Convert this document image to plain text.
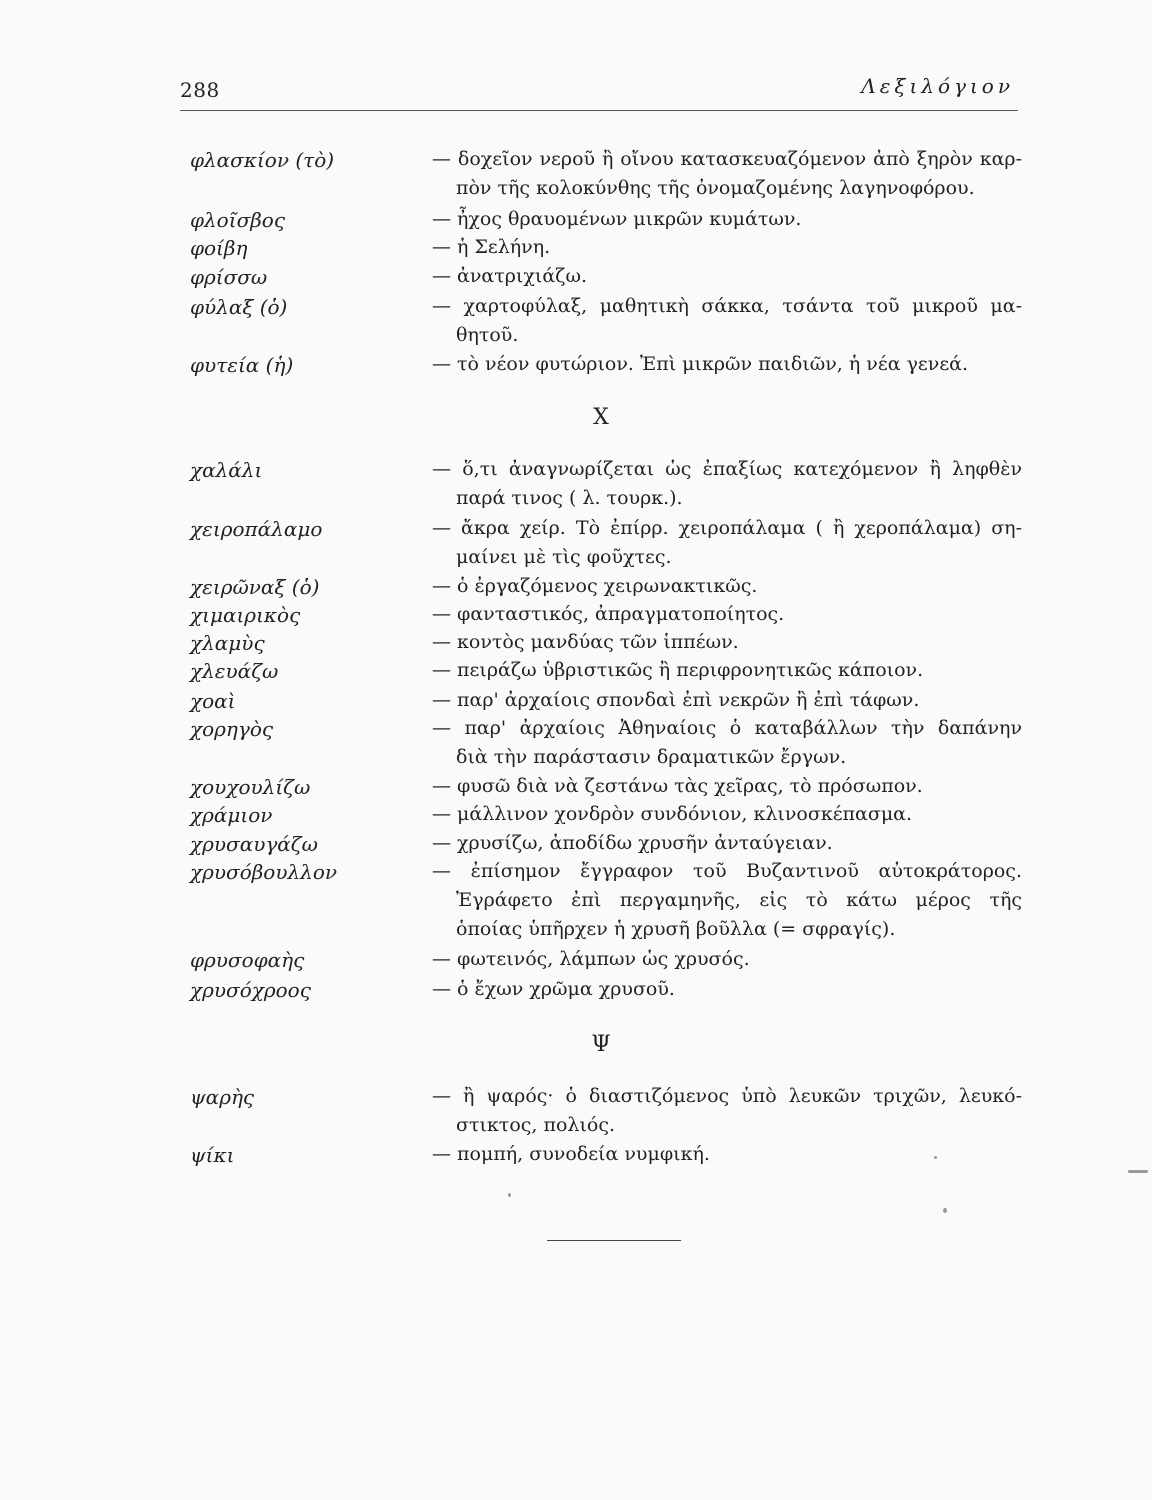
288	Λεξιλόγιον
φλασκίον (τὸ)	— δοχεῖον νεροῦ ἢ οἴνου κατασκευαζόμενον ἀπὸ ξηρὸν καρ-
πὸν τῆς κολοκύνθης τῆς ὀνομαζομένης λαγηνοφόρου.
φλοῖσβος	— ἦχος θραυομένων μικρῶν κυμάτων.
φοίβη	— ἡ Σελήνη.
φρίσσω	— ἀνατριχιάζω.
φύλαξ (ὁ)	— χαρτοφύλαξ, μαθητικὴ σάκκα, τσάντα τοῦ μικροῦ μα-
θητοῦ.
φυτεία (ἡ)	— τὸ νέον φυτώριον. Ἐπὶ μικρῶν παιδιῶν, ἡ νέα γενεά.
Χ
χαλάλι	— ὅ,τι ἀναγνωρίζεται ὡς ἐπαξίως κατεχόμενον ἢ ληφθὲν
παρά τινος ( λ. τουρκ.).
χειροπάλαμο	— ἄκρα χείρ. Τὸ ἐπίρρ. χειροπάλαμα ( ἢ χεροπάλαμα) ση-
μαίνει μὲ τὶς φοῦχτες.
χειρῶναξ (ὁ)	— ὁ ἐργαζόμενος χειρωνακτικῶς.
χιμαιρικὸς	— φανταστικός, ἀπραγματοποίητος.
χλαμὺς	— κοντὸς μανδύας τῶν ἱππέων.
χλευάζω	— πειράζω ὑβριστικῶς ἢ περιφρονητικῶς κάποιον.
χοαὶ	— παρ' ἀρχαίοις σπονδαὶ ἐπὶ νεκρῶν ἢ ἐπὶ τάφων.
χορηγὸς	— παρ' ἀρχαίοις Ἀθηναίοις ὁ καταβάλλων τὴν δαπάνην
διὰ τὴν παράστασιν δραματικῶν ἔργων.
χουχουλίζω	— φυσῶ διὰ νὰ ζεστάνω τὰς χεῖρας, τὸ πρόσωπον.
χράμιον	— μάλλινον χονδρὸν συνδόνιον, κλινοσκέπασμα.
χρυσαυγάζω	— χρυσίζω, ἀποδίδω χρυσῆν ἀνταύγειαν.
χρυσόβουλλον	— ἐπίσημον ἔγγραφον τοῦ Βυζαντινοῦ αὐτοκράτορος.
Ἐγράφετο ἐπὶ περγαμηνῆς, εἰς τὸ κάτω μέρος τῆς
ὁποίας ὑπῆρχεν ἡ χρυσῆ βοῦλλα (= σφραγίς).
φρυσοφαὴς	— φωτεινός, λάμπων ὡς χρυσός.
χρυσόχροος	— ὁ ἔχων χρῶμα χρυσοῦ.
Ψ
ψαρὴς	— ἢ ψαρός· ὁ διαστιζόμενος ὑπὸ λευκῶν τριχῶν, λευκό-
στικτος, πολιός.
ψίκι	— πομπή, συνοδεία νυμφική.
